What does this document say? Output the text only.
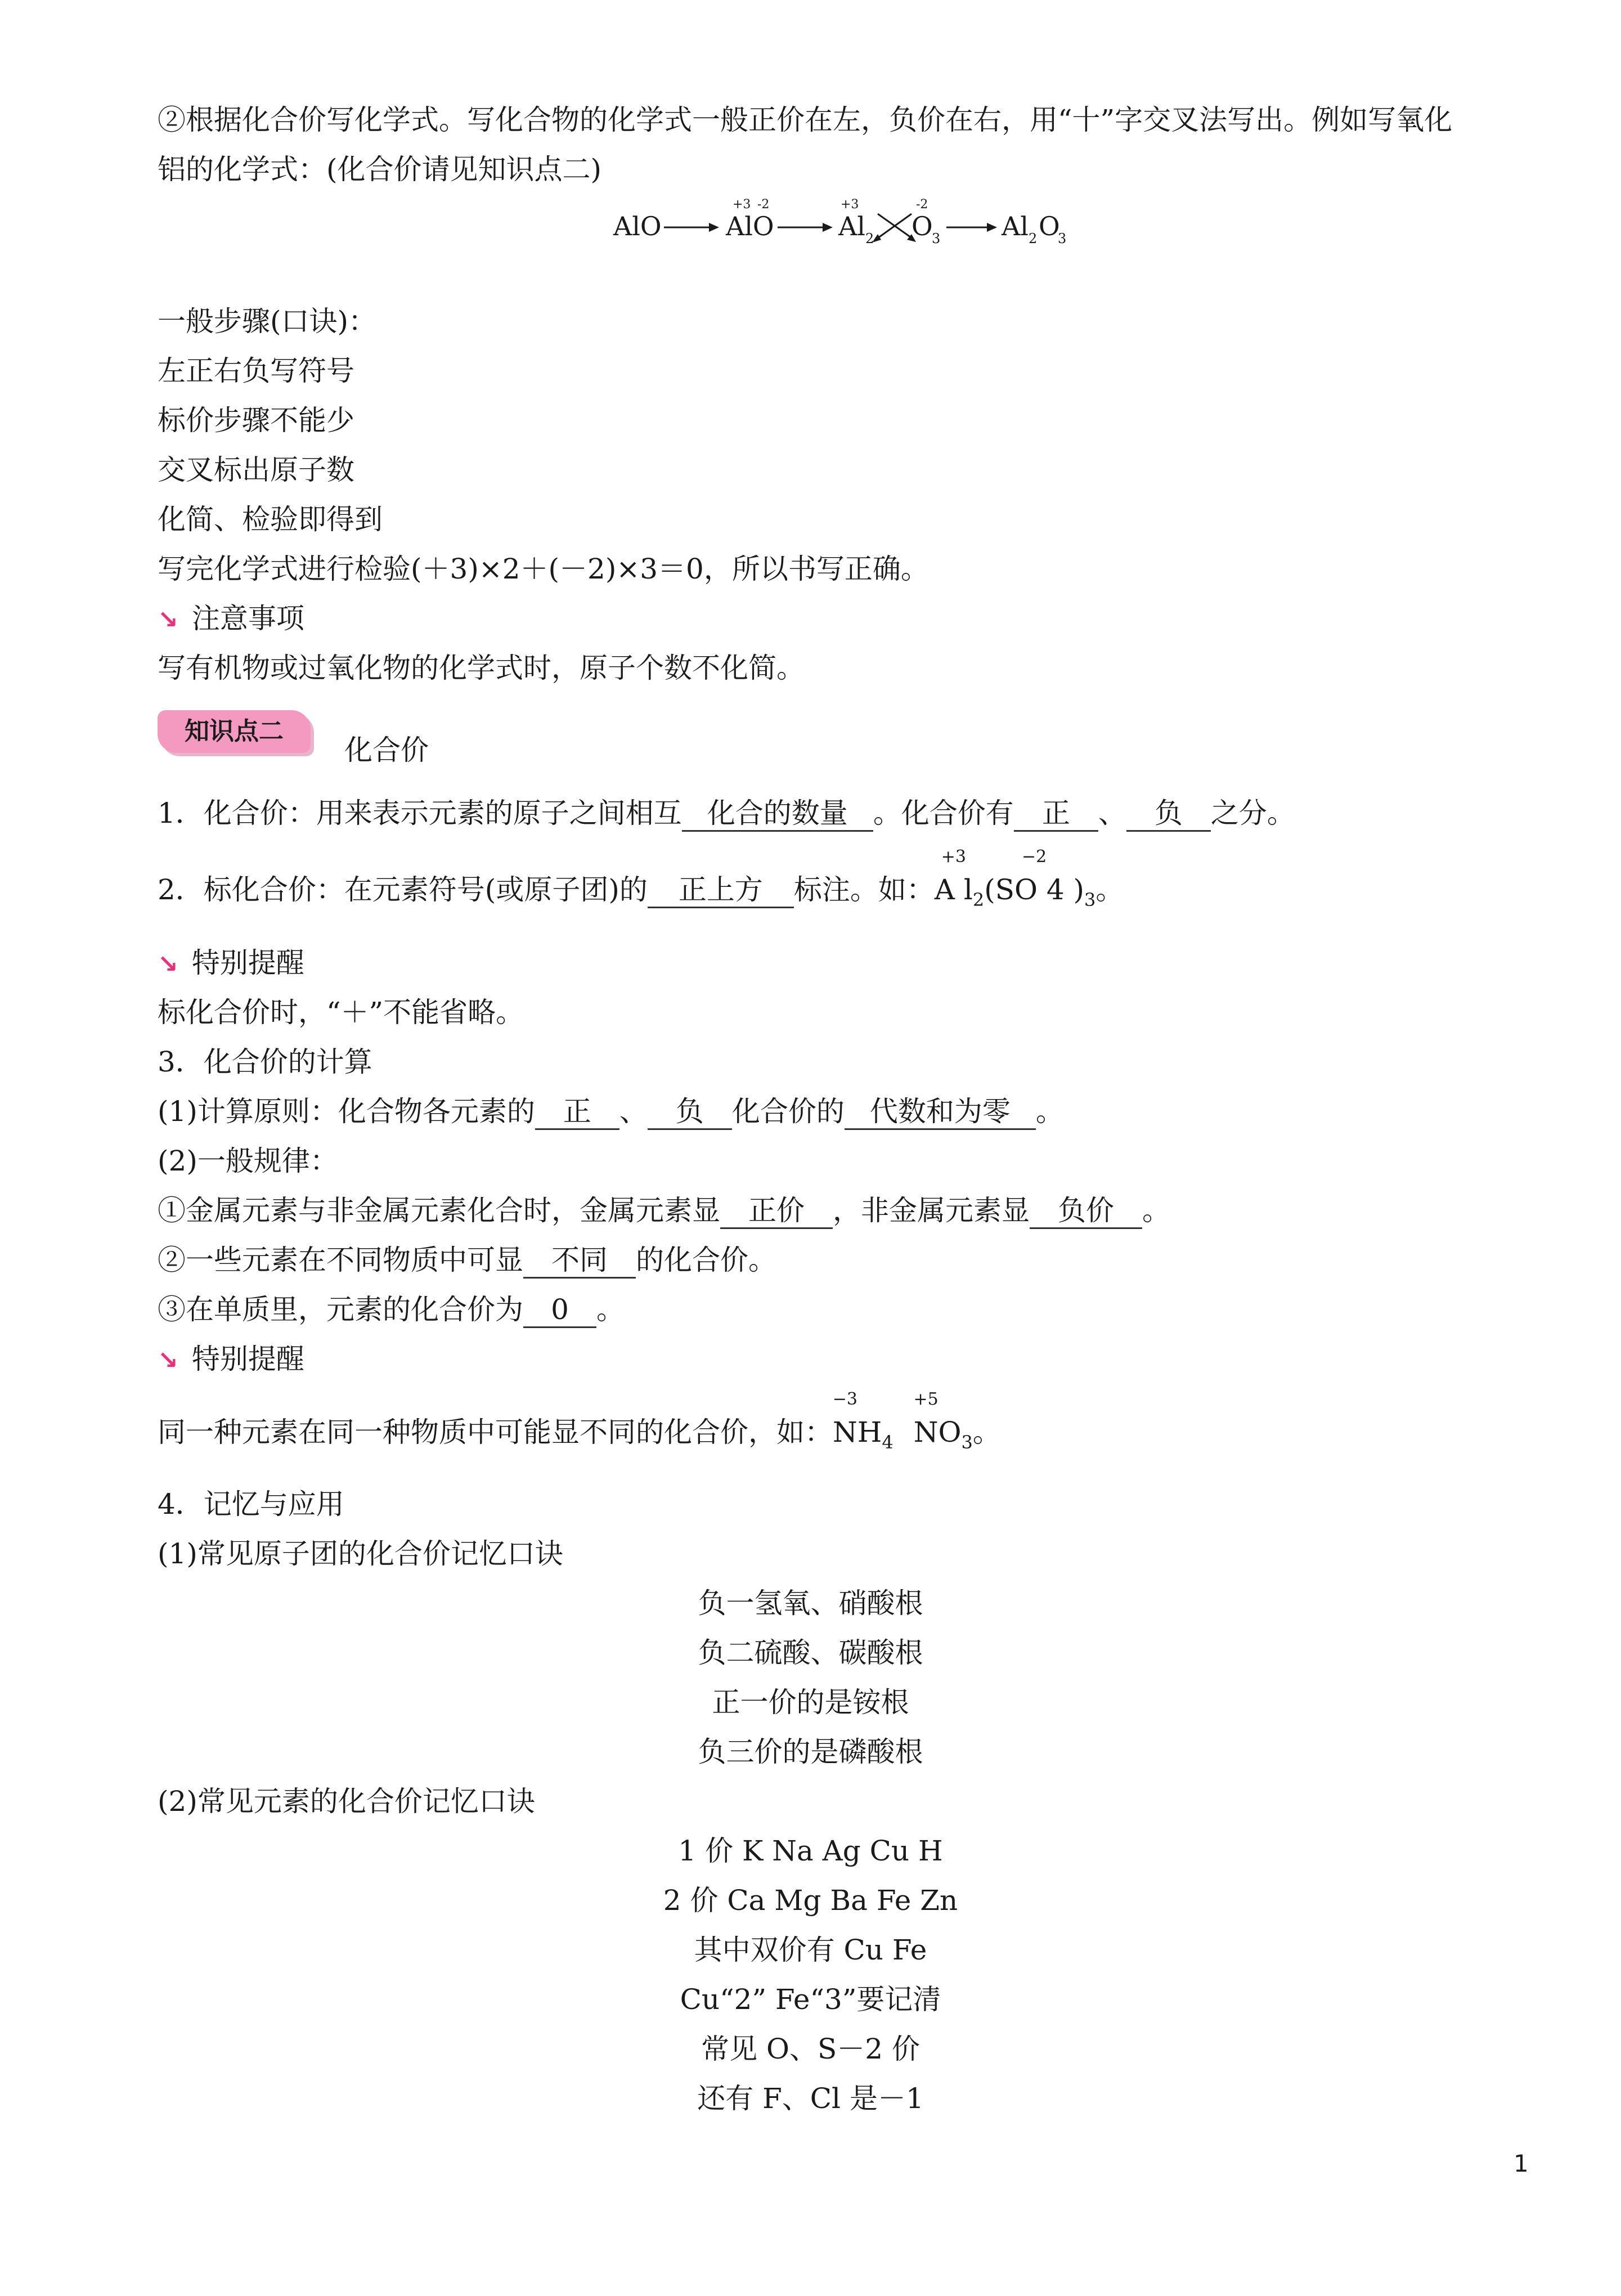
②根据化合价写化学式。写化合物的化学式一般正价在左，负价在右，用“十”字交叉法写出。例如写氧化
铝的化学式：(化合价请见知识点二)
AlO AlO
+3 -2
Al 2
+3
O
3
-2
Al 2 O
3
一般步骤(口诀)：
左正右负写符号
标价步骤不能少
交叉标出原子数
化简、检验即得到
写完化学式进行检验(＋3)×2＋(－2)×3＝0，所以书写正确。
↘ 注意事项
写有机物或过氧化物的化学式时，原子个数不化简。
知识点二
化合价
1．化合价：用来表示元素的原子之间相互 化合的数量 。化合价有 正 、 负 之分。
2．标化合价：在元素符号(或原子团)的 正上方 标注。如：
+3
A $l_2$
−2
(SO 4 )$_3$。
↘ 特别提醒
标化合价时，“＋”不能省略。
3．化合价的计算
(1)计算原则：化合物各元素的 正 、 负 化合价的 代数和为零 。
(2)一般规律：
①金属元素与非金属元素化合时，金属元素显 正价 ，非金属元素显 负价 。
②一些元素在不同物质中可显 不同 的化合价。
③在单质里，元素的化合价为 0 。
↘ 特别提醒
同一种元素在同一种物质中可能显不同的化合价，如：
−3
$NH_4$
+5
$NO_3$。
4．记忆与应用
(1)常见原子团的化合价记忆口诀
负一氢氧、硝酸根
负二硫酸、碳酸根
正一价的是铵根
负三价的是磷酸根
(2)常见元素的化合价记忆口诀
1 价 K Na Ag Cu H
2 价 Ca Mg Ba Fe Zn
其中双价有 Cu Fe
Cu“2” Fe“3”要记清
常见 O、S－2 价
还有 F、Cl 是－1
1
